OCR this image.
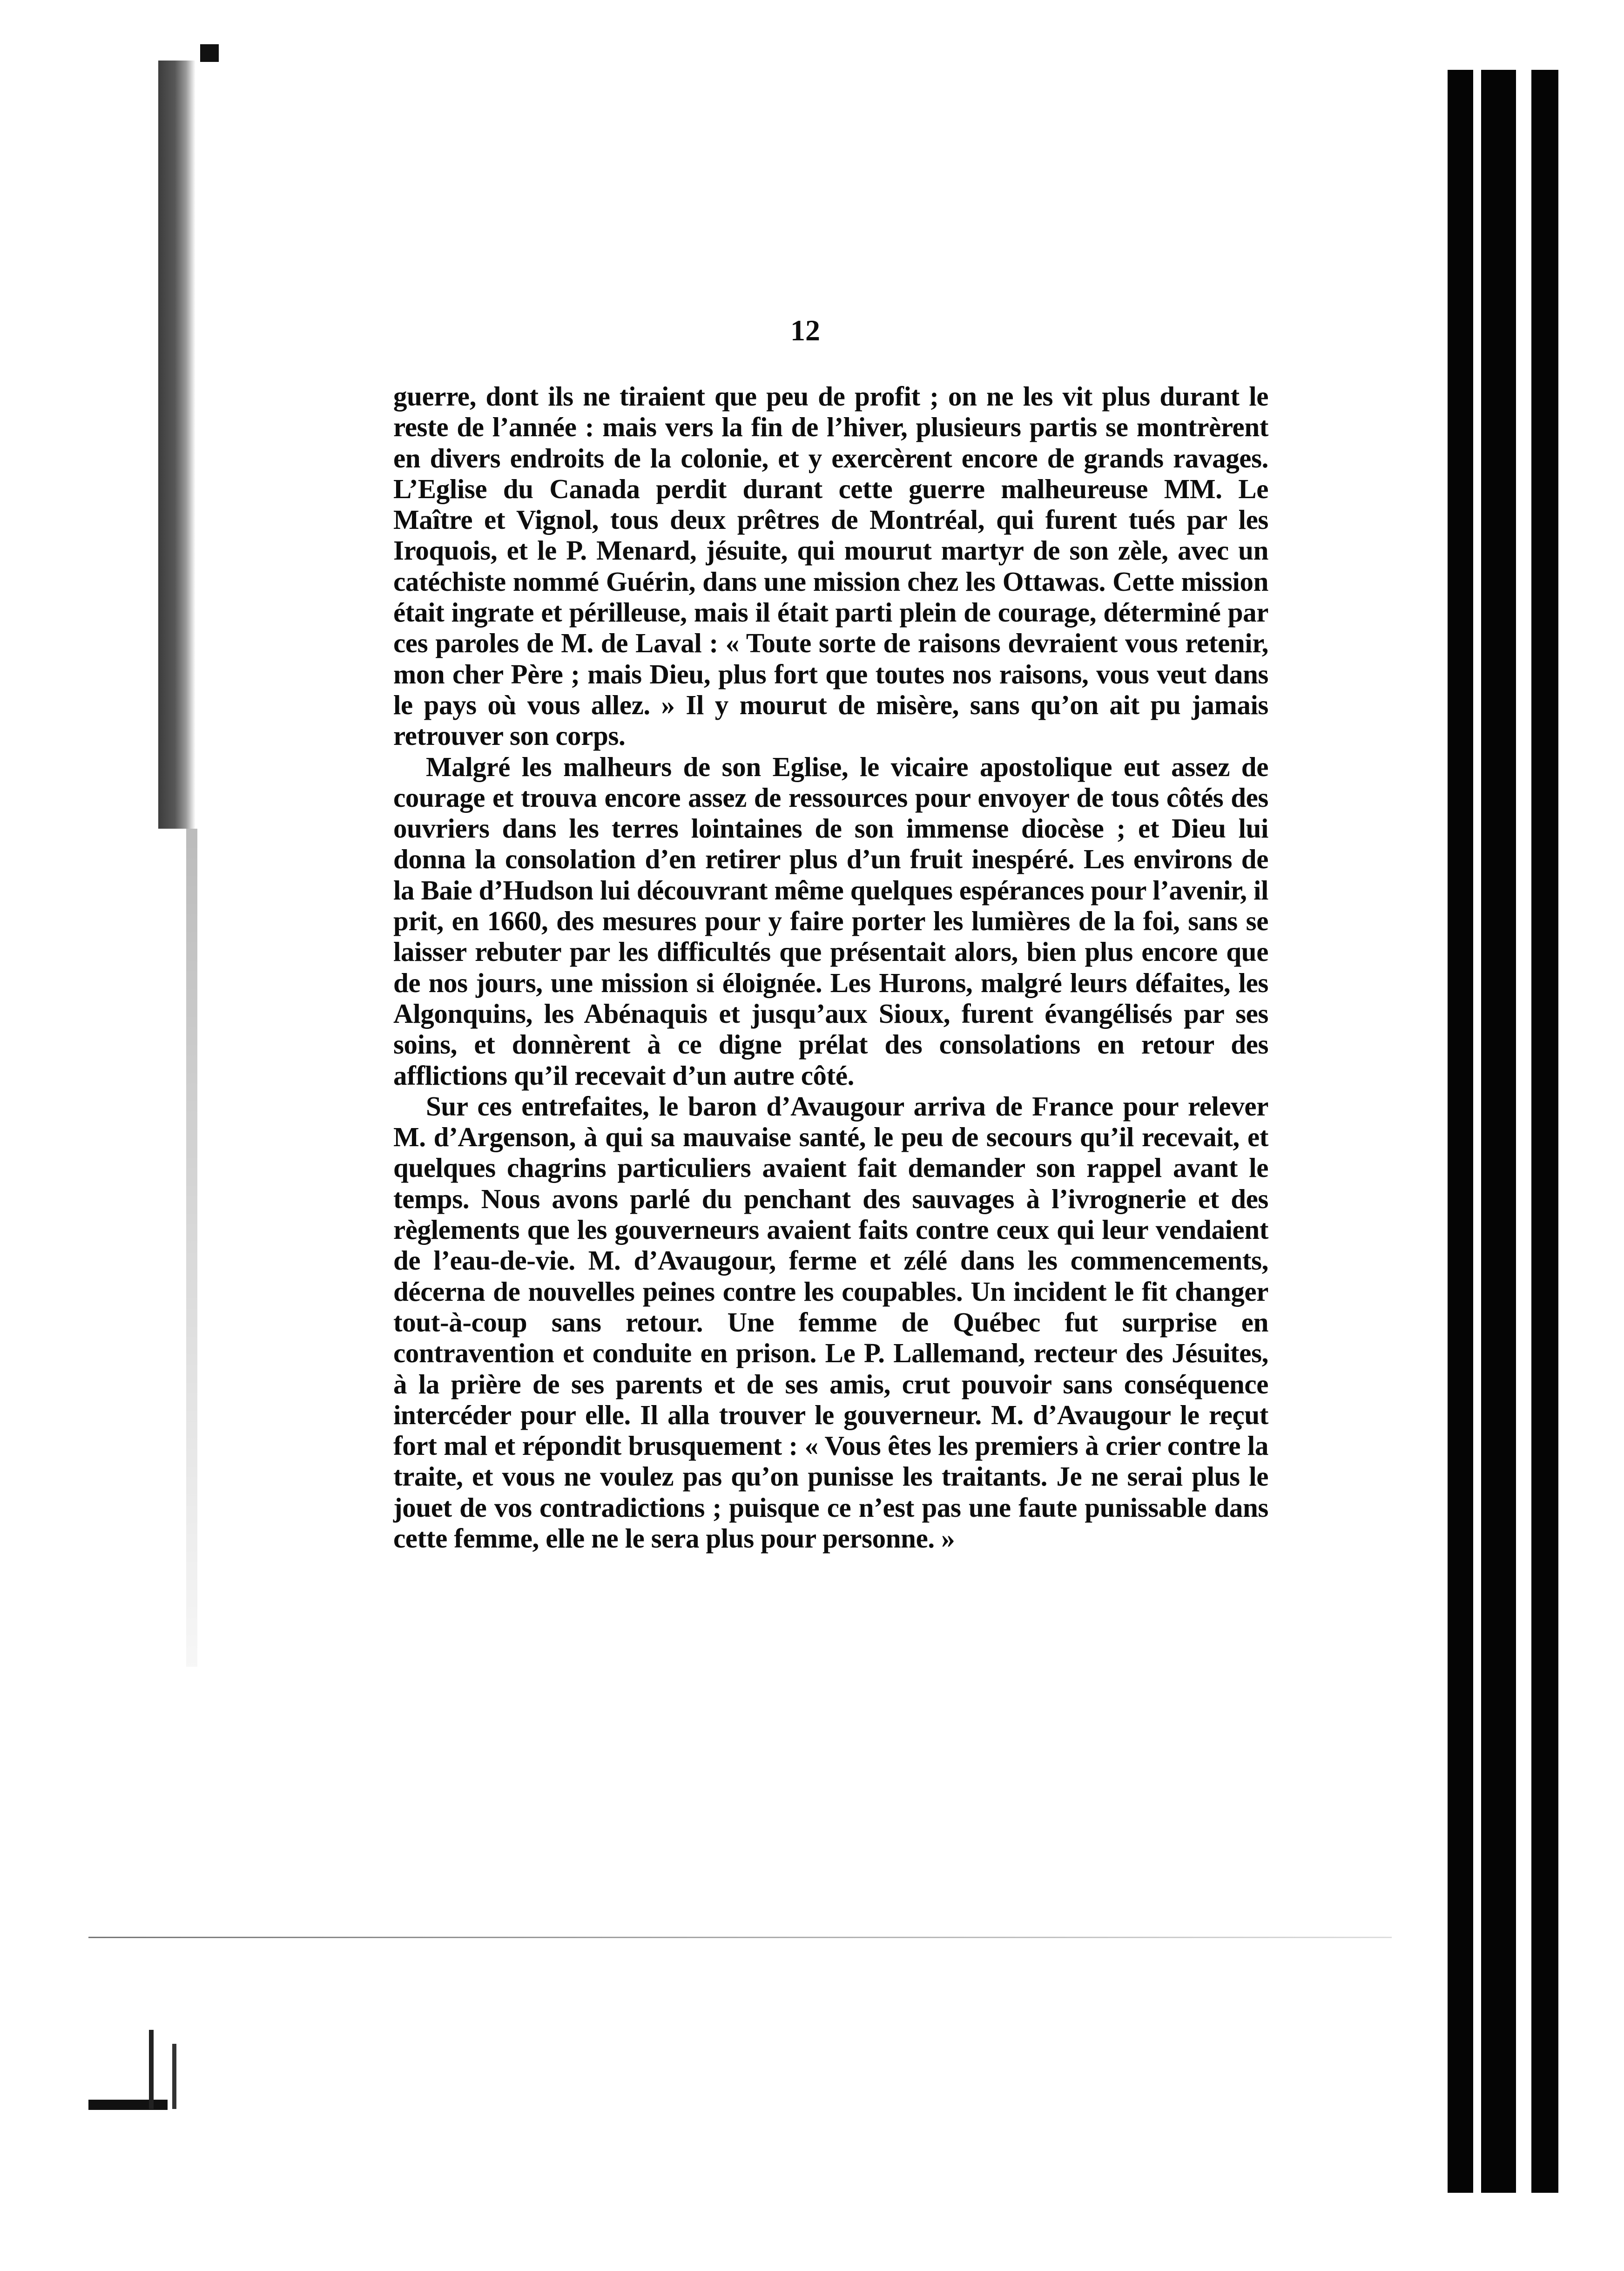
12

guerre, dont ils ne tiraient que peu de profit ; on ne les vit plus durant le reste de l’année : mais vers la fin de l’hiver, plusieurs partis se montrèrent en divers endroits de la colonie, et y exercèrent encore de grands ravages. L’Eglise du Canada perdit durant cette guerre malheureuse MM. Le Maître et Vignol, tous deux prêtres de Montréal, qui furent tués par les Iroquois, et le P. Menard, jésuite, qui mourut martyr de son zèle, avec un catéchiste nommé Guérin, dans une mission chez les Ottawas. Cette mission était ingrate et périlleuse, mais il était parti plein de courage, déterminé par ces paroles de M. de Laval : « Toute sorte de raisons devraient vous retenir, mon cher Père ; mais Dieu, plus fort que toutes nos raisons, vous veut dans le pays où vous allez. » Il y mourut de misère, sans qu’on ait pu jamais retrouver son corps.

Malgré les malheurs de son Eglise, le vicaire apostolique eut assez de courage et trouva encore assez de ressources pour envoyer de tous côtés des ouvriers dans les terres lointaines de son immense diocèse ; et Dieu lui donna la consolation d’en retirer plus d’un fruit inespéré. Les environs de la Baie d’Hudson lui découvrant même quelques espérances pour l’avenir, il prit, en 1660, des mesures pour y faire porter les lumières de la foi, sans se laisser rebuter par les difficultés que présentait alors, bien plus encore que de nos jours, une mission si éloignée. Les Hurons, malgré leurs défaites, les Algonquins, les Abénaquis et jusqu’aux Sioux, furent évangélisés par ses soins, et donnèrent à ce digne prélat des consolations en retour des afflictions qu’il recevait d’un autre côté.

Sur ces entrefaites, le baron d’Avaugour arriva de France pour relever M. d’Argenson, à qui sa mauvaise santé, le peu de secours qu’il recevait, et quelques chagrins particuliers avaient fait demander son rappel avant le temps. Nous avons parlé du penchant des sauvages à l’ivrognerie et des règlements que les gouverneurs avaient faits contre ceux qui leur vendaient de l’eau-de-vie. M. d’Avaugour, ferme et zélé dans les commencements, décerna de nouvelles peines contre les coupables. Un incident le fit changer tout-à-coup sans retour. Une femme de Québec fut surprise en contravention et conduite en prison. Le P. Lallemand, recteur des Jésuites, à la prière de ses parents et de ses amis, crut pouvoir sans conséquence intercéder pour elle. Il alla trouver le gouverneur. M. d’Avaugour le reçut fort mal et répondit brusquement : « Vous êtes les premiers à crier contre la traite, et vous ne voulez pas qu’on punisse les traitants. Je ne serai plus le jouet de vos contradictions ; puisque ce n’est pas une faute punissable dans cette femme, elle ne le sera plus pour personne. »
